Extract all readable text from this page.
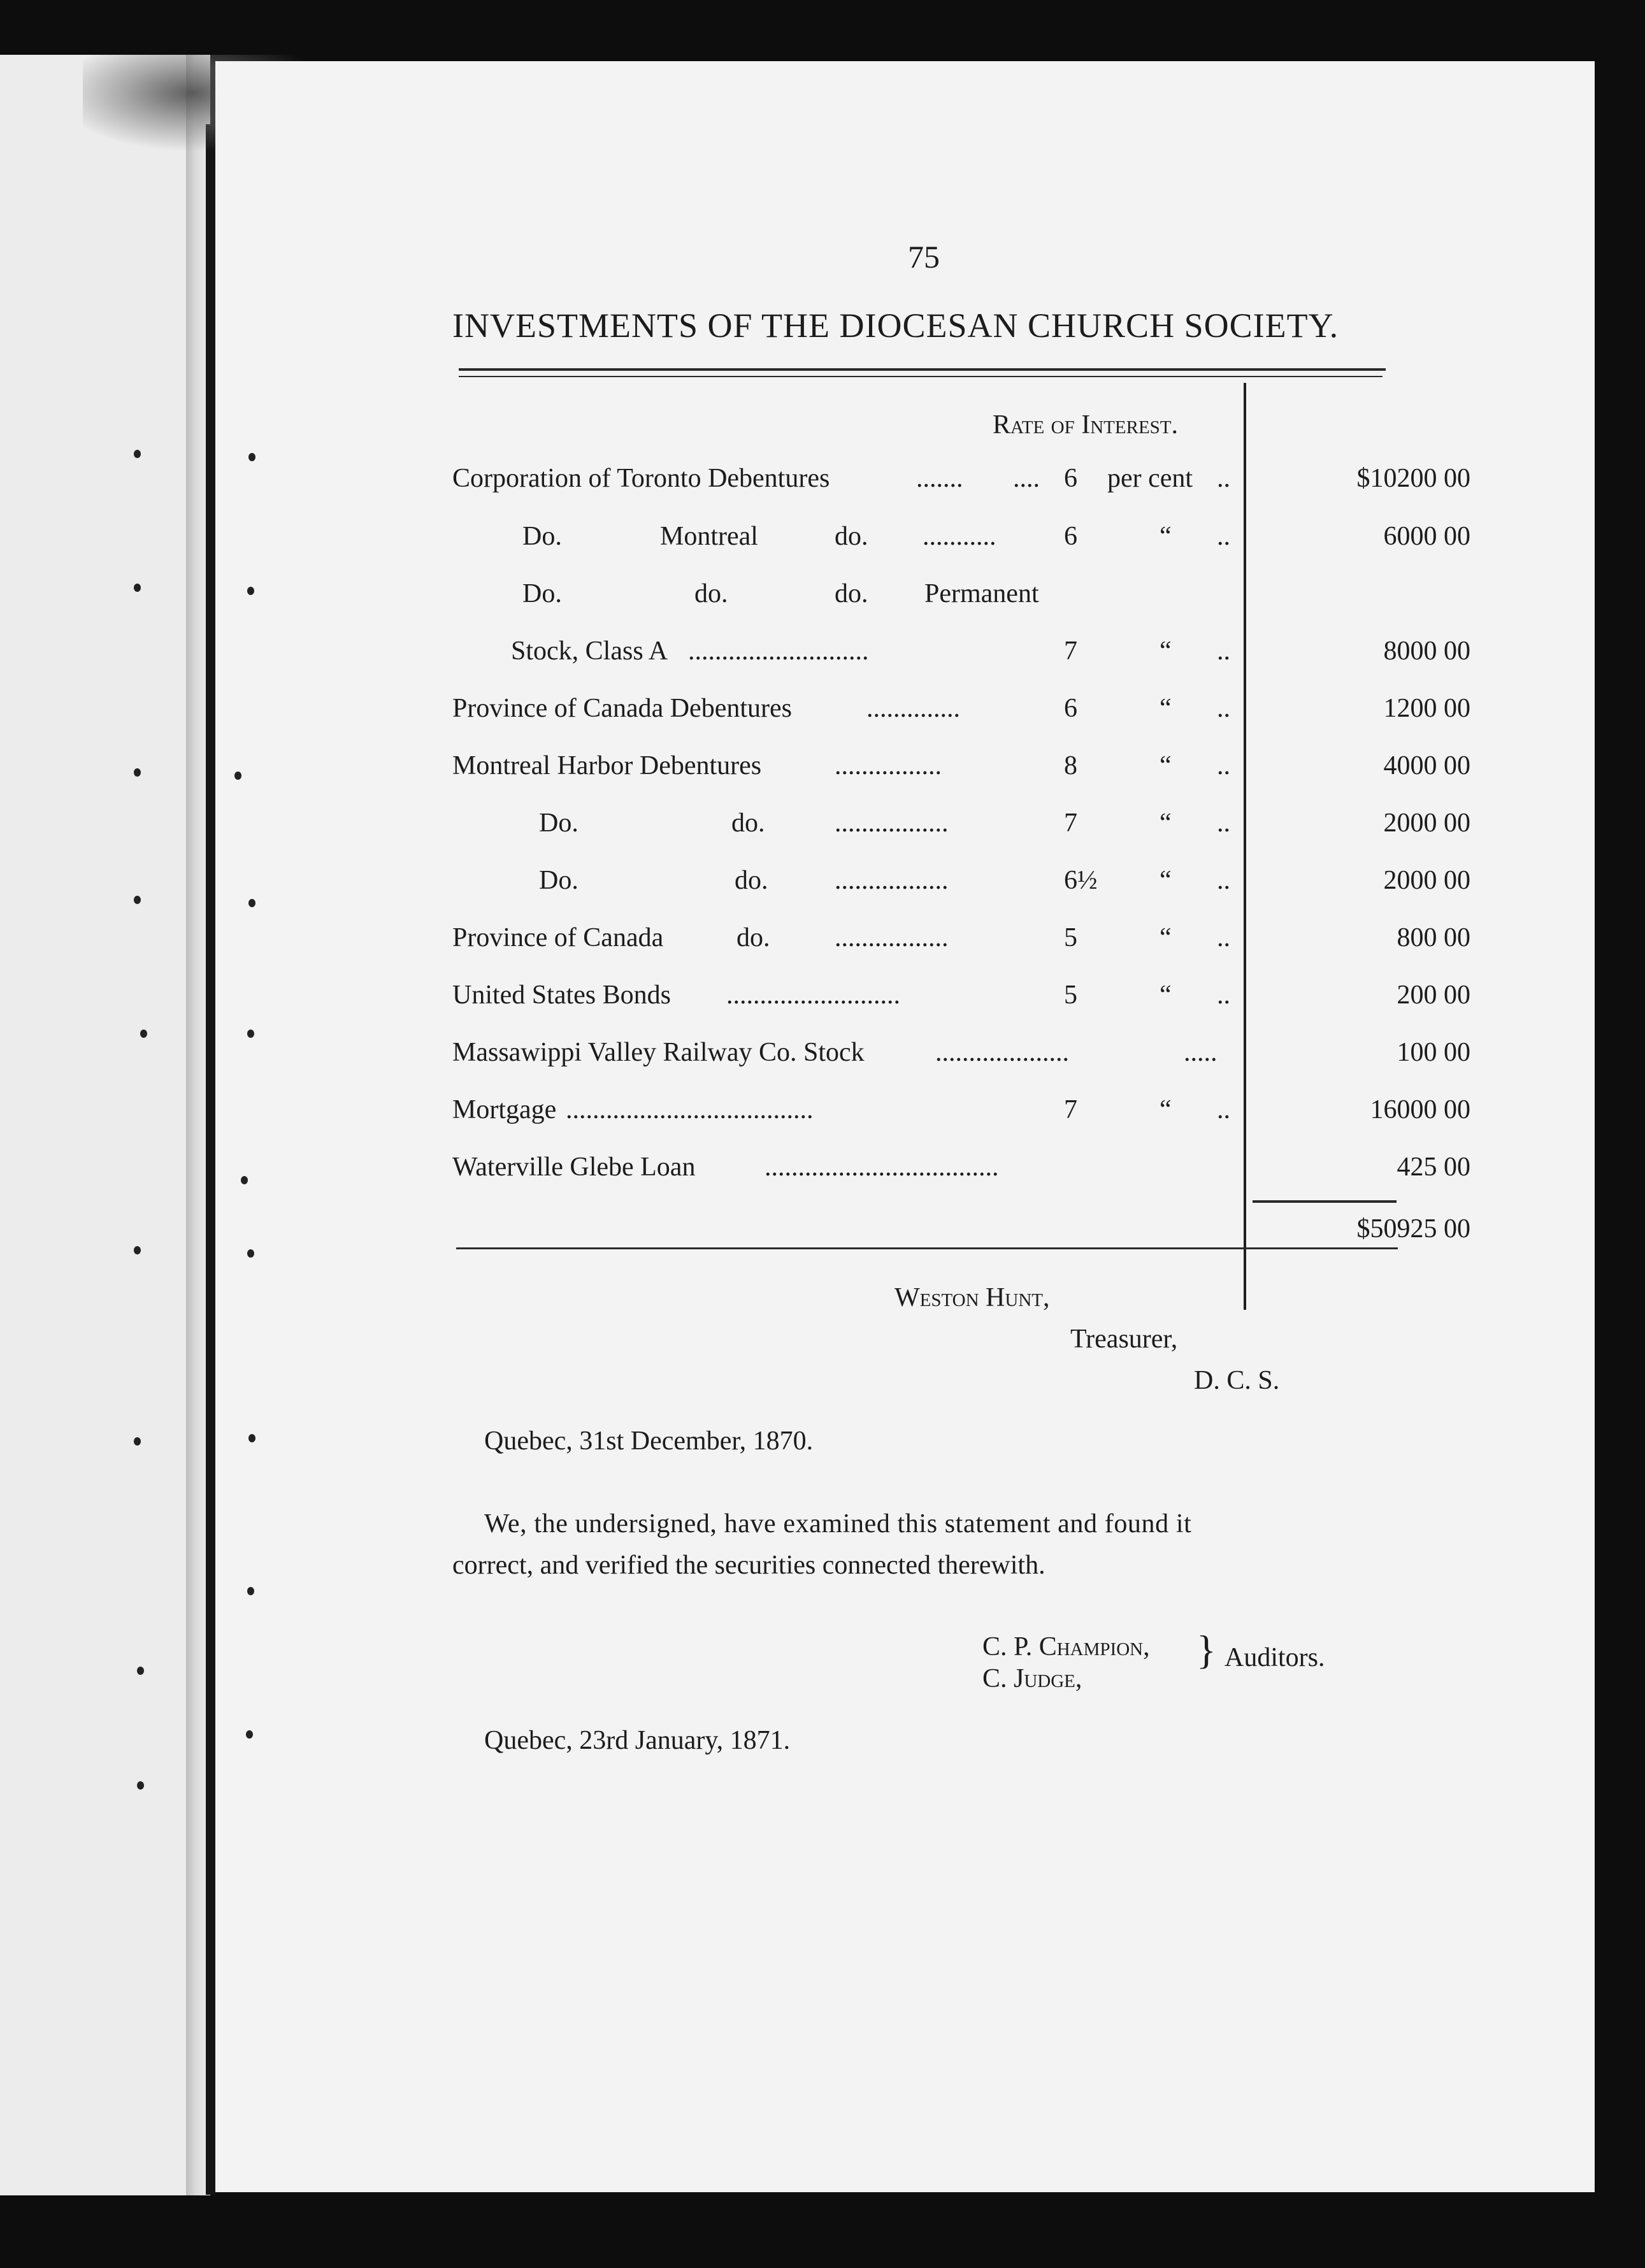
75
INVESTMENTS OF THE DIOCESAN CHURCH SOCIETY.
Rate of Interest.
Corporation of Toronto Debentures	....... .... 6 per cent ..	$10200 00
Do.	Montreal	do. ...........	6	“ ..	6000 00
Do.	do.	do. Permanent
Stock, Class A ...........................	7	“ ..	8000 00
Province of Canada Debentures	..............	6	“ ..	1200 00
Montreal Harbor Debentures	................	8	“ ..	4000 00
Do.	do.	.................	7	“ ..	2000 00
Do.	do. .................	6½ “ ..	2000 00
Province of Canada	do. .................	5	“ ..	800 00
United States Bonds ..........................	5	“ ..	200 00
Massawippi Valley Railway Co. Stock	....................	.....	100 00
Mortgage .....................................	7	“ ..	16000 00
Waterville Glebe Loan	...................................	425 00
$50925 00
Weston Hunt,
Treasurer,
D. C. S.
Quebec, 31st December, 1870.
We, the undersigned, have examined this statement and found it
correct, and verified the securities connected therewith.
C. P. Champion,
C. Judge,
} Auditors.
Quebec, 23rd January, 1871.
